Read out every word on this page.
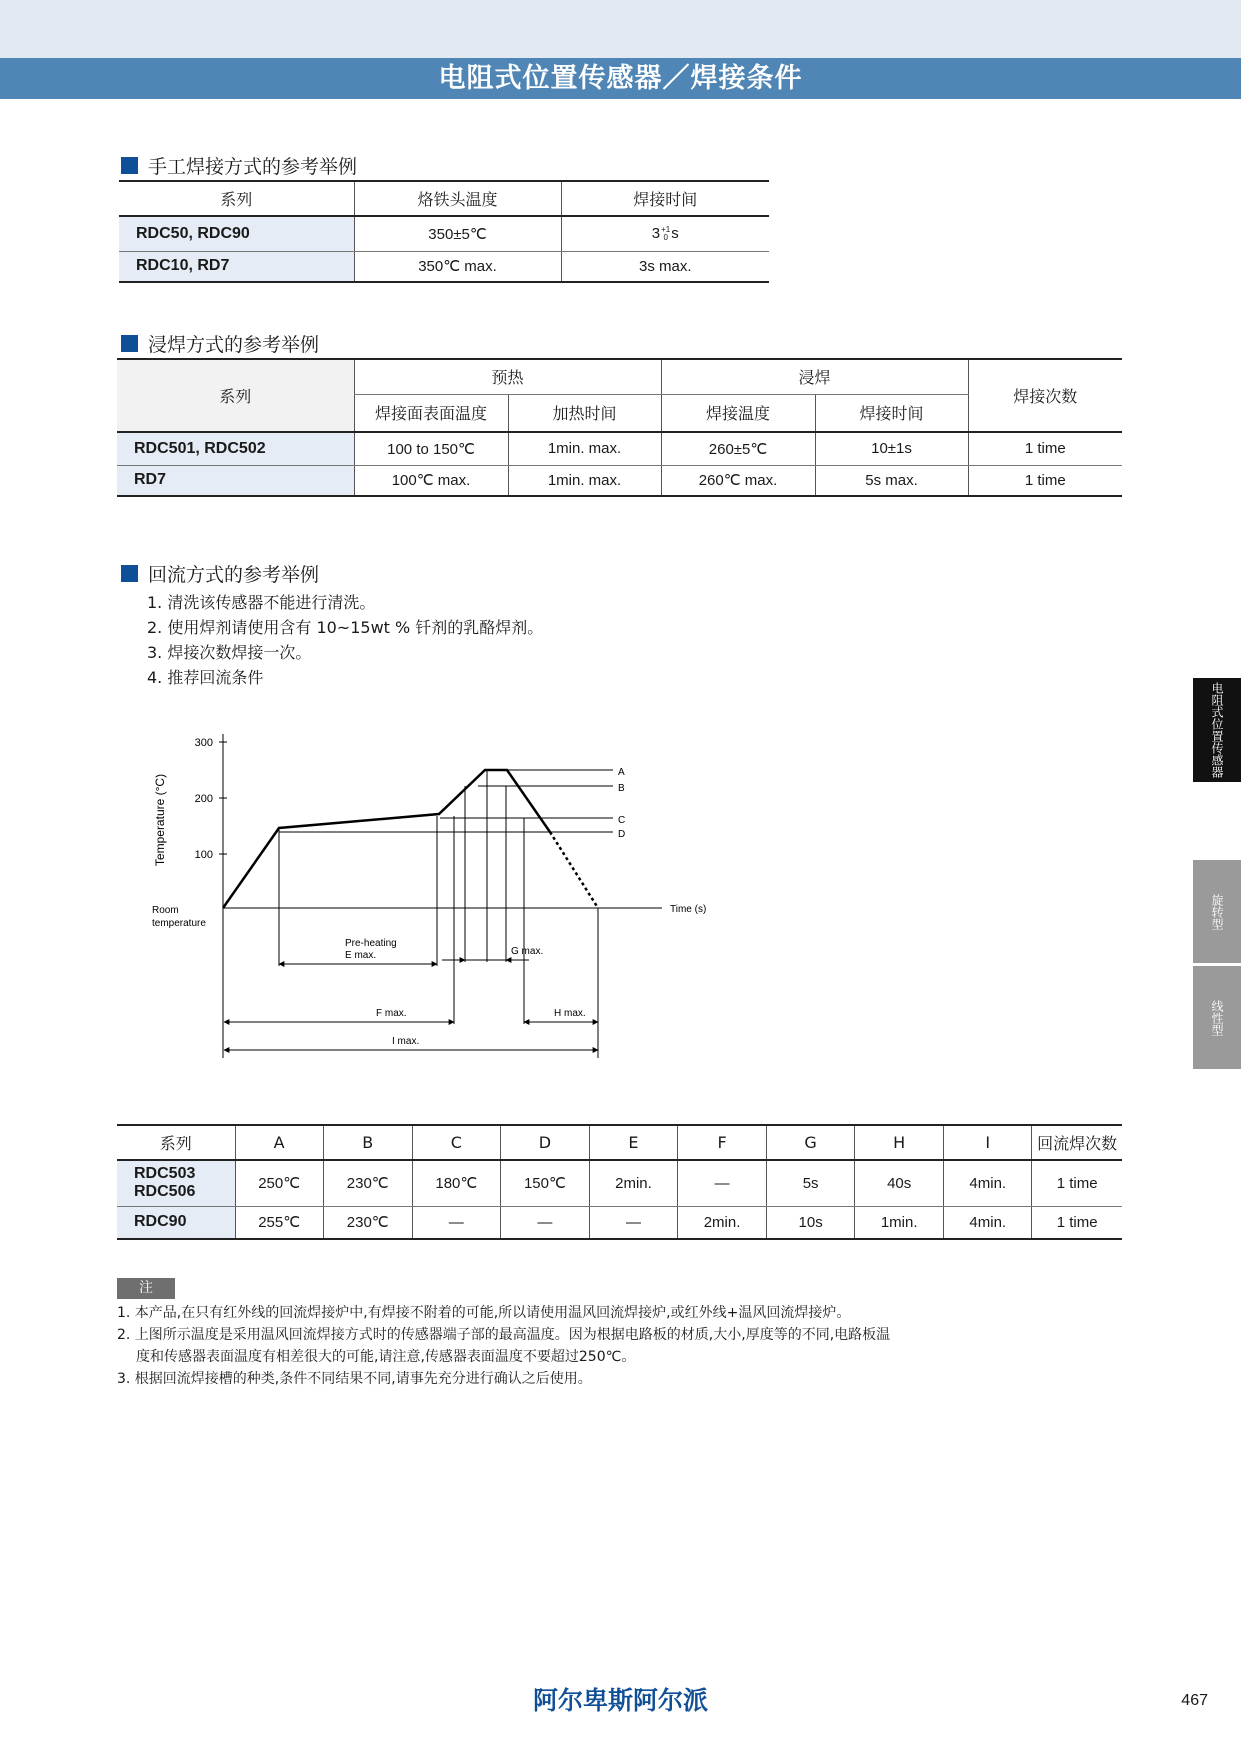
电阻式位置传感器／焊接条件
手工焊接方式的参考举例
系列	烙铁头温度	焊接时间
RDC50, RDC90	350±5℃	3 +1
0 s
RDC10, RD7	350℃ max.	3s max.
浸焊方式的参考举例
系列	预热		浸焊		焊接次数
	焊接面表面温度	加热时间	焊接温度	焊接时间	
RDC501, RDC502	100 to 150℃	1min. max.	260±5℃	10±1s	1 time
RD7	100℃ max.	1min. max.	260℃ max.	5s max.	1 time
回流方式的参考举例
1. 清洗该传感器不能进行清洗。
2. 使用焊剂请使用含有 10~15wt % 钎剂的乳酪焊剂。
3. 焊接次数焊接一次。
4. 推荐回流条件
300
200
100
Temperature (°C)
Room
temperature
Time (s)
A
B
C
D
Pre-heating
E max.	G max.
F max.	H max.
I max.
系列	A	B	C	D	E	F	G	H	I	回流焊次数

RDC503
RDC506	250℃	230℃	180℃	150℃	2min.	—	5s	40s	4min.	1 time
RDC90	255℃	230℃	—	—	—	2min.	10s	1min.	4min.	1 time
注
1. 本产品,在只有红外线的回流焊接炉中,有焊接不附着的可能,所以请使用温风回流焊接炉,或红外线+温风回流焊接炉。
2. 上图所示温度是采用温风回流焊接方式时的传感器端子部的最高温度。因为根据电路板的材质,大小,厚度等的不同,电路板温
度和传感器表面温度有相差很大的可能,请注意,传感器表面温度不要超过250℃。
3. 根据回流焊接槽的种类,条件不同结果不同,请事先充分进行确认之后使用。
电阻式位置传感器
旋转型
线性型
阿尔卑斯阿尔派	467
